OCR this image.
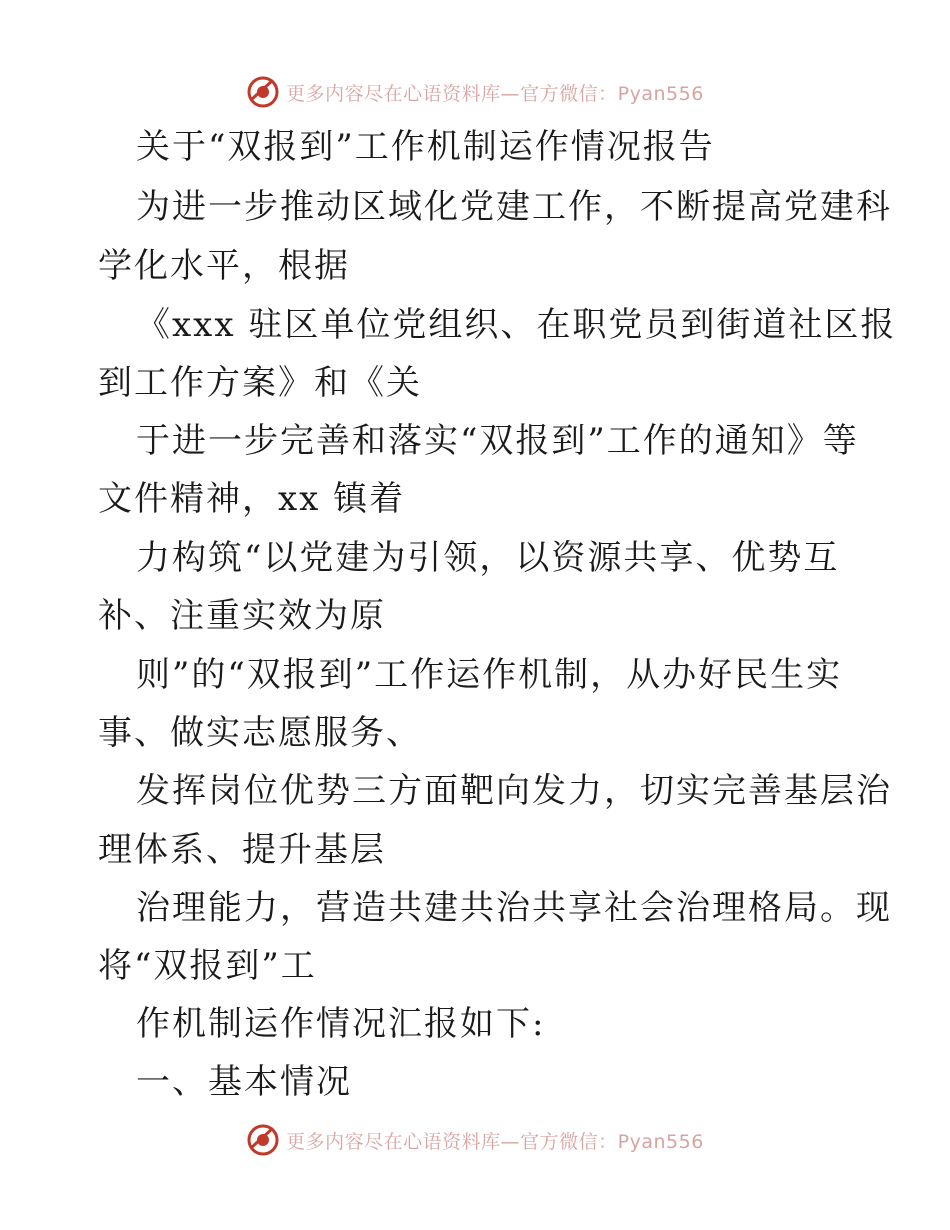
更多内容尽在心语资料库—官方微信：Pyan556
关于“双报到”工作机制运作情况报告
为进一步推动区域化党建工作，不断提高党建科
学化水平，根据
《xxx 驻区单位党组织、在职党员到街道社区报
到工作方案》和《关
于进一步完善和落实“双报到”工作的通知》等
文件精神，xx 镇着
力构筑“以党建为引领，以资源共享、优势互
补、注重实效为原
则”的“双报到”工作运作机制，从办好民生实
事、做实志愿服务、
发挥岗位优势三方面靶向发力，切实完善基层治
理体系、提升基层
治理能力，营造共建共治共享社会治理格局。现
将“双报到”工
作机制运作情况汇报如下:
一、基本情况
更多内容尽在心语资料库—官方微信：Pyan556
